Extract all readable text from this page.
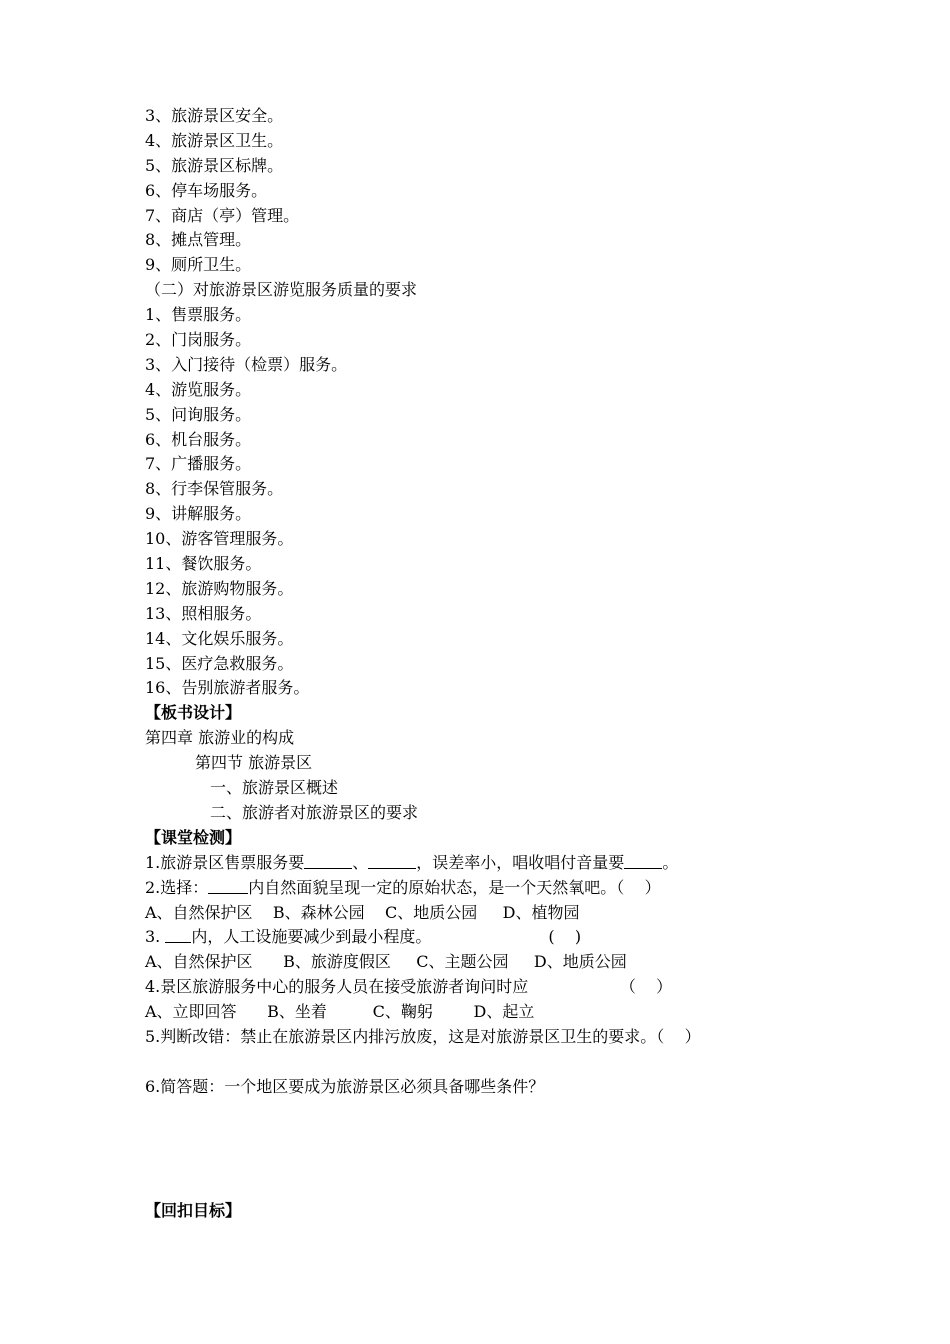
3、旅游景区安全。
4、旅游景区卫生。
5、旅游景区标牌。
6、停车场服务。
7、商店（亭）管理。
8、摊点管理。
9、厕所卫生。
（二）对旅游景区游览服务质量的要求
1、售票服务。
2、门岗服务。
3、入门接待（检票）服务。
4、游览服务。
5、问询服务。
6、机台服务。
7、广播服务。
8、行李保管服务。
9、讲解服务。
10、游客管理服务。
11、餐饮服务。
12、旅游购物服务。
13、照相服务。
14、文化娱乐服务。
15、医疗急救服务。
16、告别旅游者服务。
【板书设计】
第四章 旅游业的构成
第四节 旅游景区
一、旅游景区概述
二、旅游者对旅游景区的要求
【课堂检测】
1.旅游景区售票服务要	、	，误差率小，唱收唱付音量要 。
2.选择：	内自然面貌呈现一定的原始状态，是一个天然氧吧。（    ）
A、自然保护区    B、森林公园    C、地质公园     D、植物园
3. 内，人工设施要减少到最小程度。                       (    )
A、自然保护区      B、旅游度假区     C、主题公园     D、地质公园
4.景区旅游服务中心的服务人员在接受旅游者询问时应                  （    ）
A、立即回答      B、坐着         C、鞠躬        D、起立
5.判断改错：禁止在旅游景区内排污放废，这是对旅游景区卫生的要求。（    ）
6.简答题：一个地区要成为旅游景区必须具备哪些条件？
【回扣目标】
